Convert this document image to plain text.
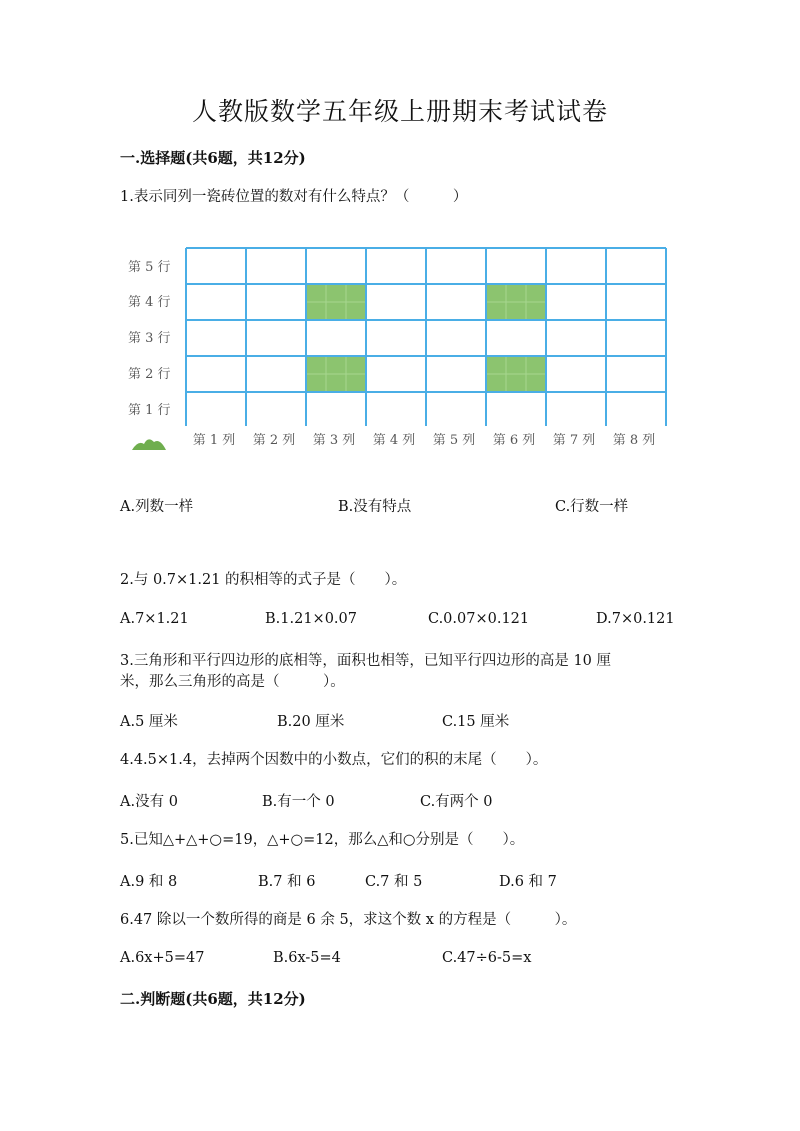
人教版数学五年级上册期末考试试卷
一.选择题(共6题，共12分)
1.表示同列一瓷砖位置的数对有什么特点？（　　　）
第 5 行
第 4 行
第 3 行
第 2 行
第 1 行
第 1 列	第 2 列	第 3 列	第 4 列	第 5 列	第 6 列	第 7 列	第 8 列
A.列数一样	B.没有特点	C.行数一样
2.与 0.7×1.21 的积相等的式子是（　　）。
A.7×1.21	B.1.21×0.07	C.0.07×0.121	D.7×0.121
3.三角形和平行四边形的底相等，面积也相等，已知平行四边形的高是 10 厘
米，那么三角形的高是（　　　）。
A.5 厘米	B.20 厘米	C.15 厘米
4.4.5×1.4，去掉两个因数中的小数点，它们的积的末尾（　　）。
A.没有 0	B.有一个 0	C.有两个 0
5.已知△+△+○=19，△+○=12，那么△和○分别是（　　）。
A.9 和 8	B.7 和 6	C.7 和 5	D.6 和 7
6.47 除以一个数所得的商是 6 余 5，求这个数 x 的方程是（　　　）。
A.6x+5=47	B.6x-5=4	C.47÷6-5=x
二.判断题(共6题，共12分)
